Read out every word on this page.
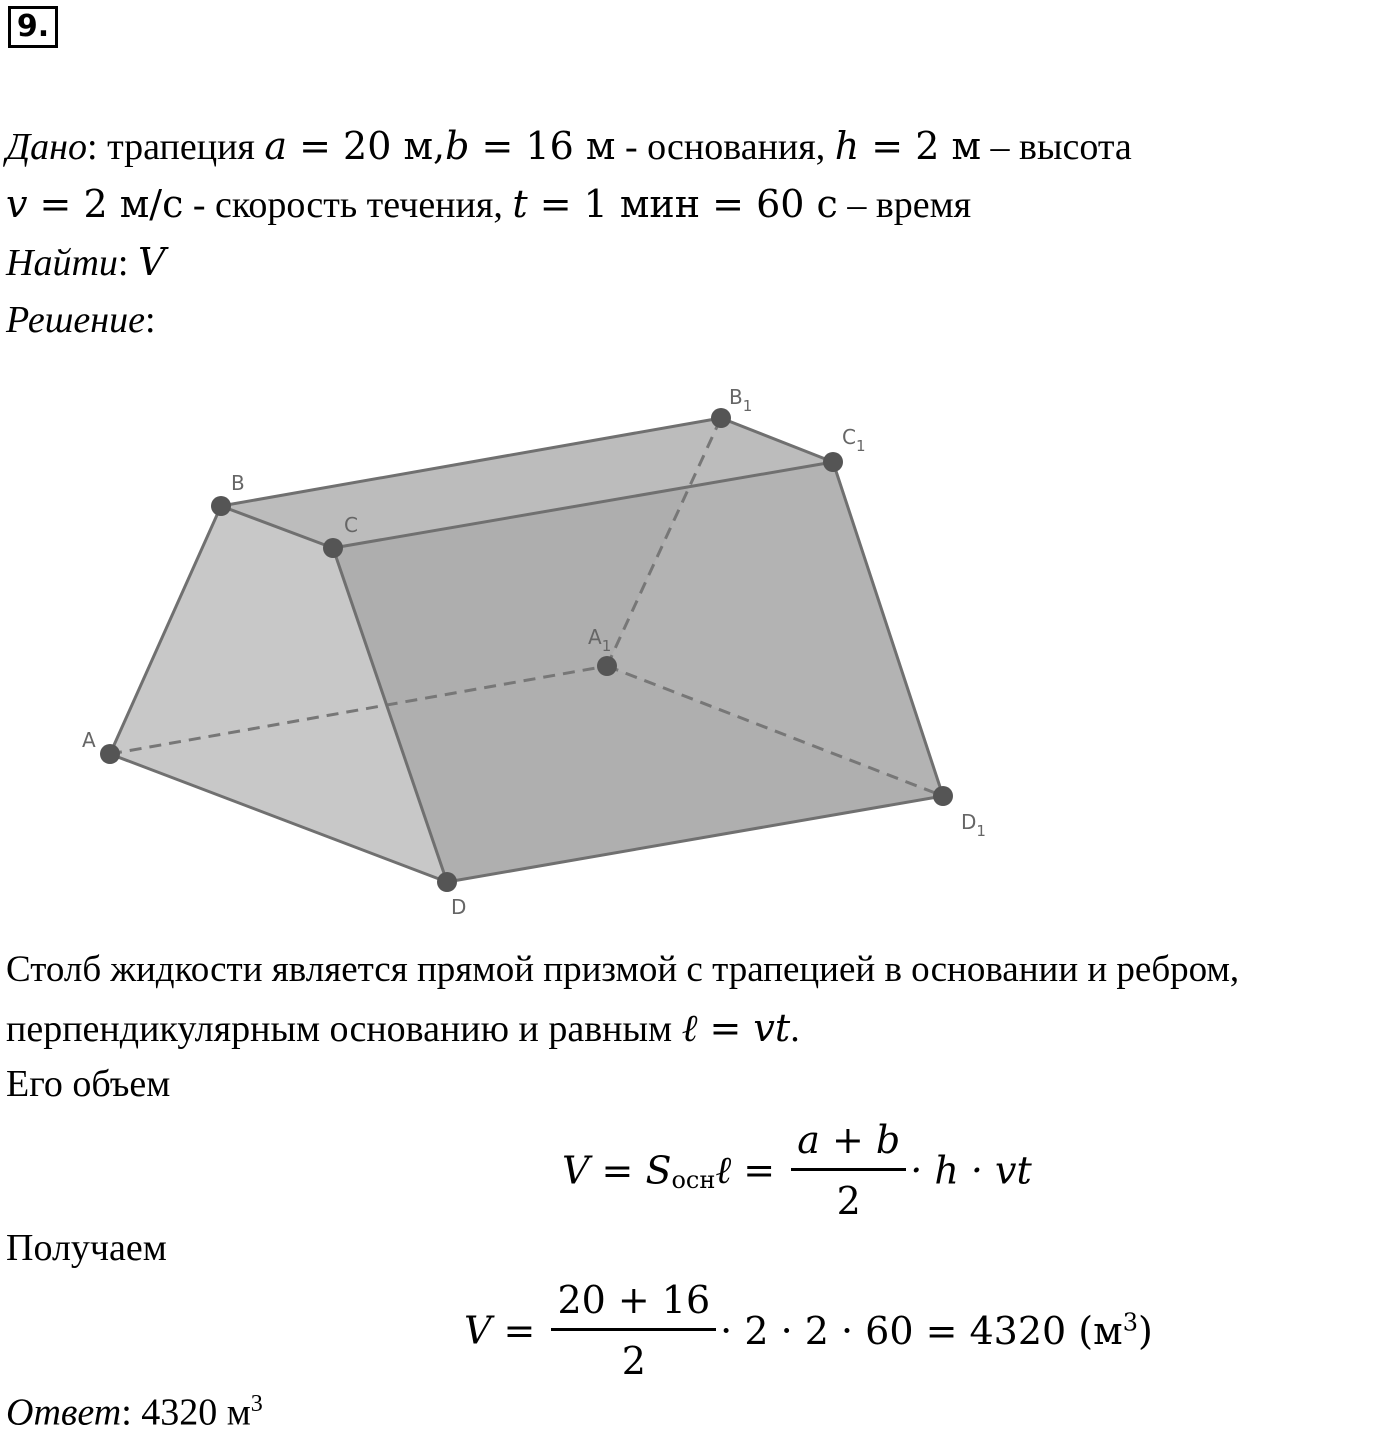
9.
Дано: трапеция a = 20 м,b = 16 м - основания, h = 2 м – высота
v = 2 м/с - скорость течения, t = 1 мин = 60 с – время
Найти: V
Решение:
A
B
C
D
$A_1$
$B_1$
$C_1$
$D_1$
Столб жидкости является прямой призмой с трапецией в основании и ребром,
перпендикулярным основанию и равным ℓ = vt.
Его объем
$V = S_{осн}\ell = \frac{a + b}{2} \cdot h$ · vt
Получаем
$V = \frac{20 + 16}{2} \cdot 2 \cdot 2 \cdot 60 = 4320$ $(м^3)$
Ответ: 4320 $м^3$
